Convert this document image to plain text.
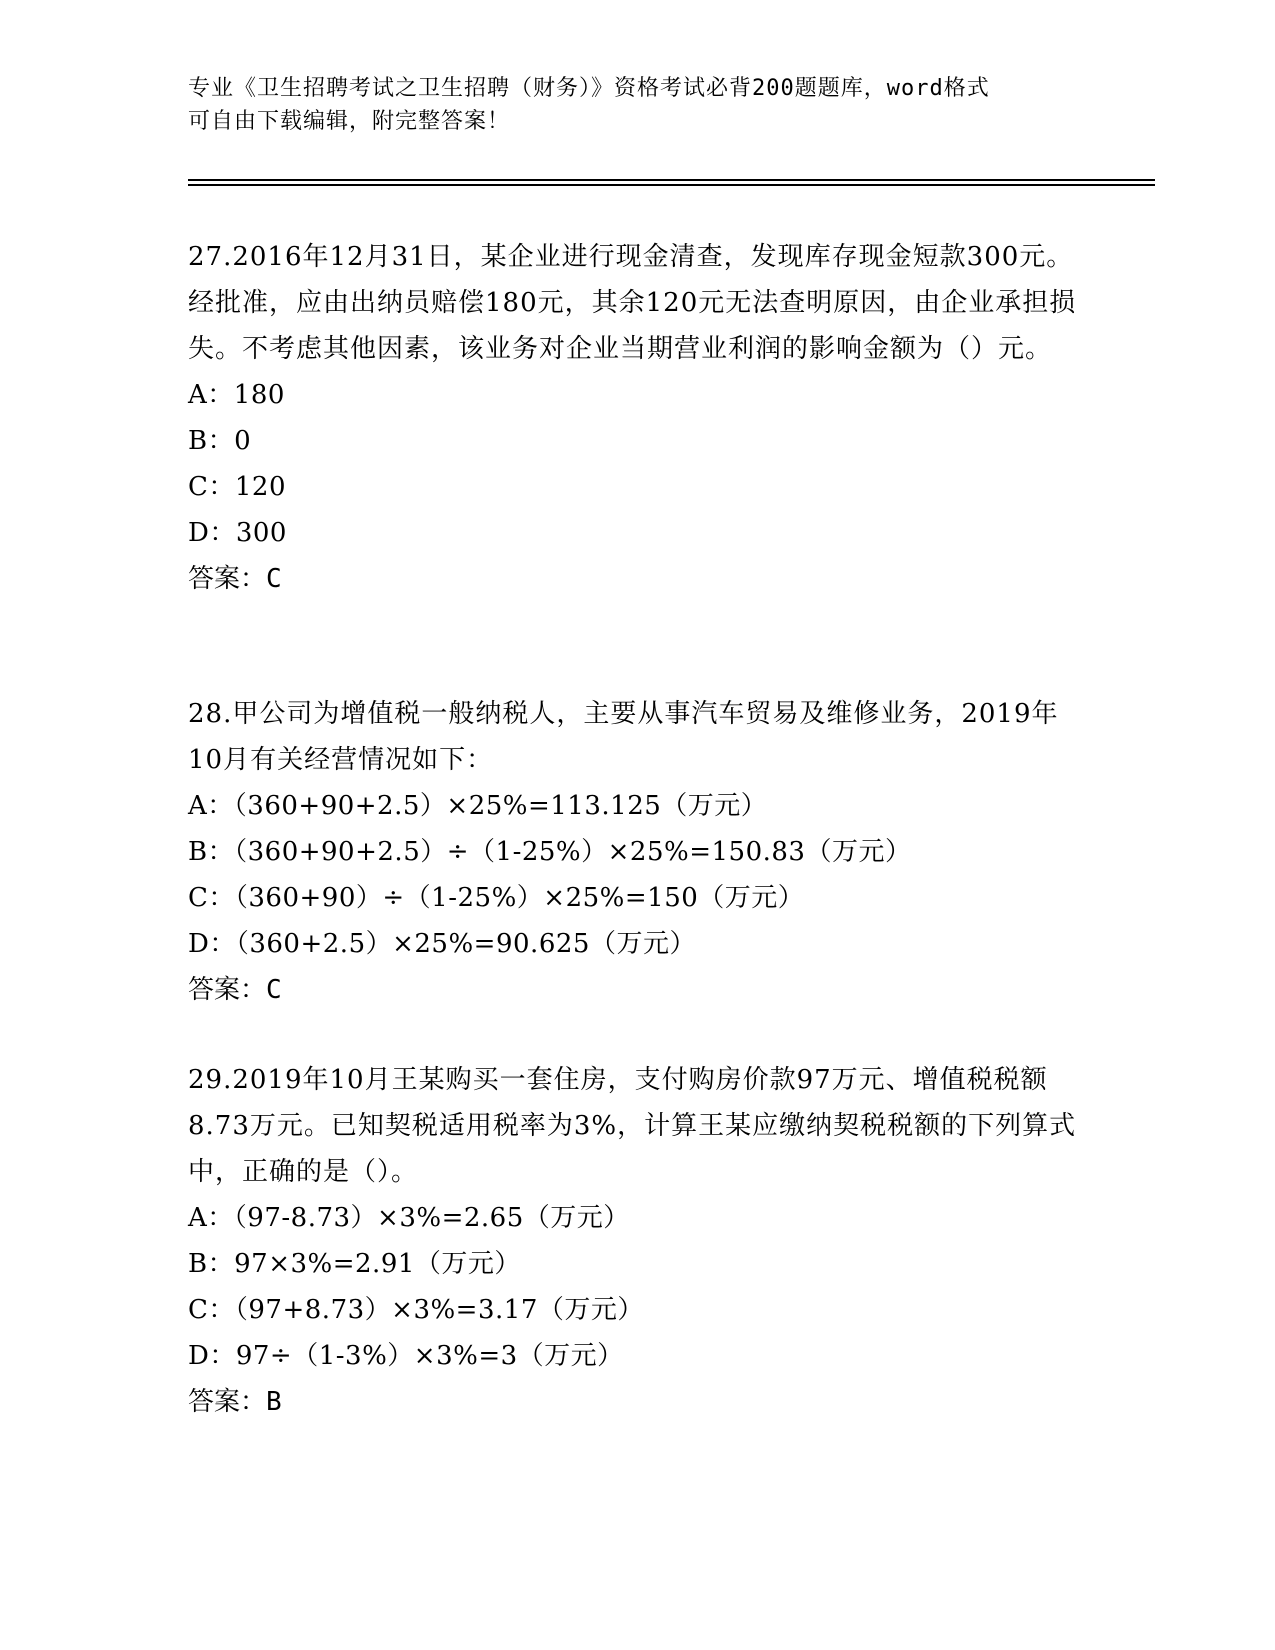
专业《卫生招聘考试之卫生招聘（财务）》资格考试必背200题题库，word格式
可自由下载编辑，附完整答案！

27.2016年12月31日，某企业进行现金清查，发现库存现金短款300元。经批准，应由出纳员赔偿180元，其余120元无法查明原因，由企业承担损失。不考虑其他因素，该业务对企业当期营业利润的影响金额为（）元。

A：180

B：0

C：120

D：300

答案：C

28.甲公司为增值税一般纳税人，主要从事汽车贸易及维修业务，2019年10月有关经营情况如下：

A：（360+90+2.5）×25%=113.125（万元）

B：（360+90+2.5）÷（1-25%）×25%=150.83（万元）

C：（360+90）÷（1-25%）×25%=150（万元）

D：（360+2.5）×25%=90.625（万元）

答案：C

29.2019年10月王某购买一套住房，支付购房价款97万元、增值税税额8.73万元。已知契税适用税率为3%，计算王某应缴纳契税税额的下列算式中，正确的是（）。

A：（97-8.73）×3%=2.65（万元）

B：97×3%=2.91（万元）

C：（97+8.73）×3%=3.17（万元）

D：97÷（1-3%）×3%=3（万元）

答案：B
